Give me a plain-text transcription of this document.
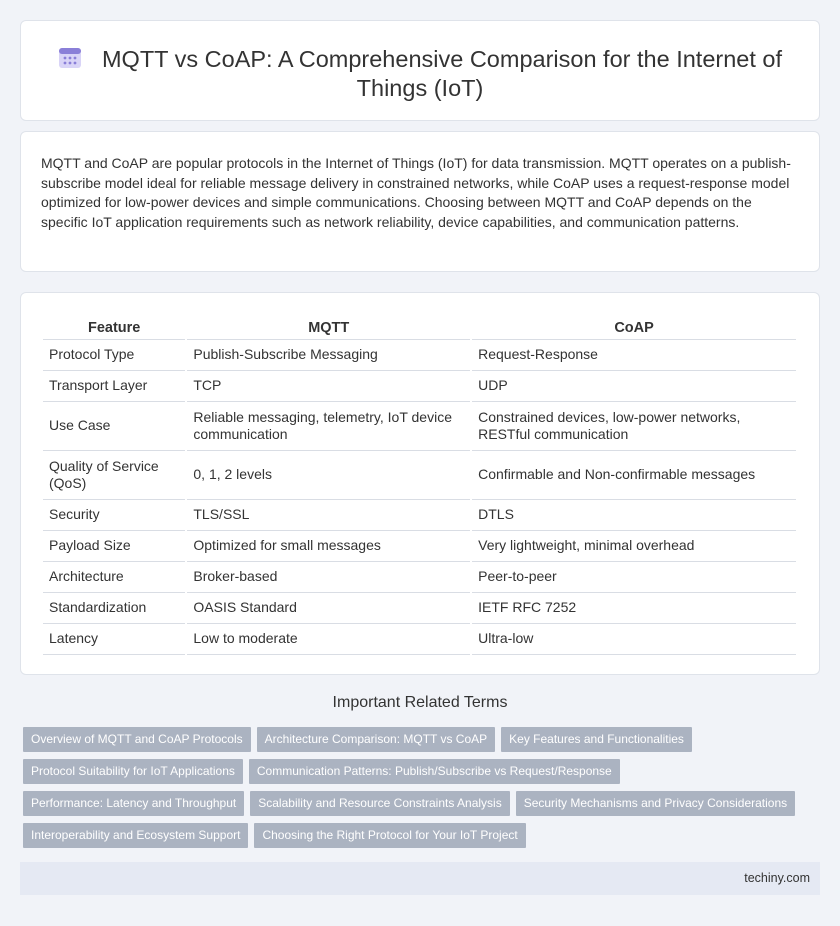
MQTT vs CoAP: A Comprehensive Comparison for the Internet of Things (IoT)
MQTT and CoAP are popular protocols in the Internet of Things (IoT) for data transmission. MQTT operates on a publish-subscribe model ideal for reliable message delivery in constrained networks, while CoAP uses a request-response model optimized for low-power devices and simple communications. Choosing between MQTT and CoAP depends on the specific IoT application requirements such as network reliability, device capabilities, and communication patterns.
Feature	MQTT	CoAP
Protocol Type	Publish-Subscribe Messaging	Request-Response
Transport Layer	TCP	UDP
Use Case	Reliable messaging, telemetry, IoT device communication	Constrained devices, low-power networks, RESTful communication
Quality of Service (QoS)	0, 1, 2 levels	Confirmable and Non-confirmable messages
Security	TLS/SSL	DTLS
Payload Size	Optimized for small messages	Very lightweight, minimal overhead
Architecture	Broker-based	Peer-to-peer
Standardization	OASIS Standard	IETF RFC 7252
Latency	Low to moderate	Ultra-low
Important Related Terms
Overview of MQTT and CoAP Protocols Architecture Comparison: MQTT vs CoAP Key Features and Functionalities
Protocol Suitability for IoT Applications Communication Patterns: Publish/Subscribe vs Request/Response
Performance: Latency and Throughput Scalability and Resource Constraints Analysis Security Mechanisms and Privacy Considerations
Interoperability and Ecosystem Support Choosing the Right Protocol for Your IoT Project
techiny.com
